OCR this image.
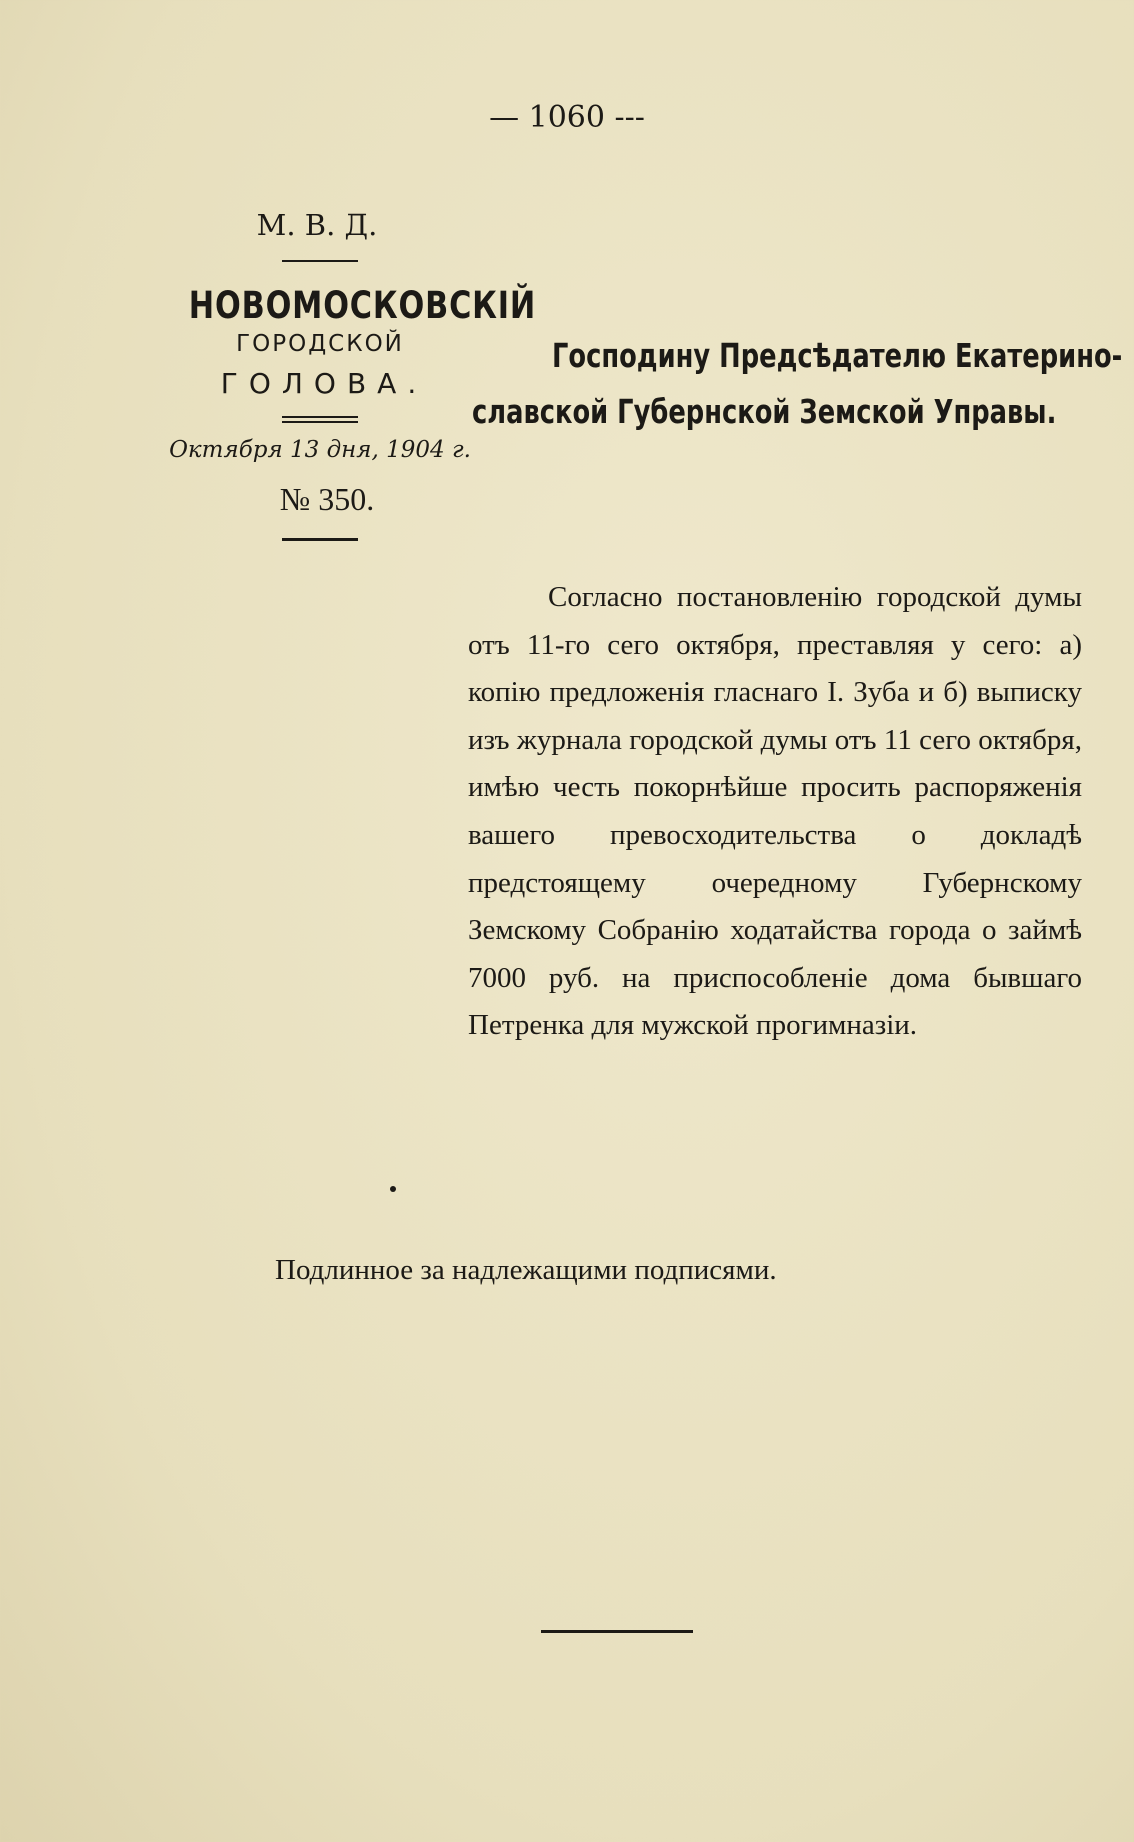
— 1060 ---
М. В. Д.
НОВОМОСКОВСКІЙ
ГОРОДСКОЙ
ГОЛОВА.
Октября 13 дня, 1904 г.
№ 350.
Господину Предсѣдателю Екатерино-
славской Губернской Земской Управы.
Согласно постановленію городской думы отъ 11-го сего октября, преставляя у сего: а) копію предложенія гласнаго І. Зуба и б) выписку изъ журнала городской думы отъ 11 сего октября, имѣю честь покорнѣйше просить распоряженія вашего превосходительства о докладѣ предстоящему очередному Губернскому Земскому Собранію ходатайства города о займѣ 7000 руб. на приспособленіе дома бывшаго Петренка для мужской прогимназіи.
Подлинное за надлежащими подписями.
